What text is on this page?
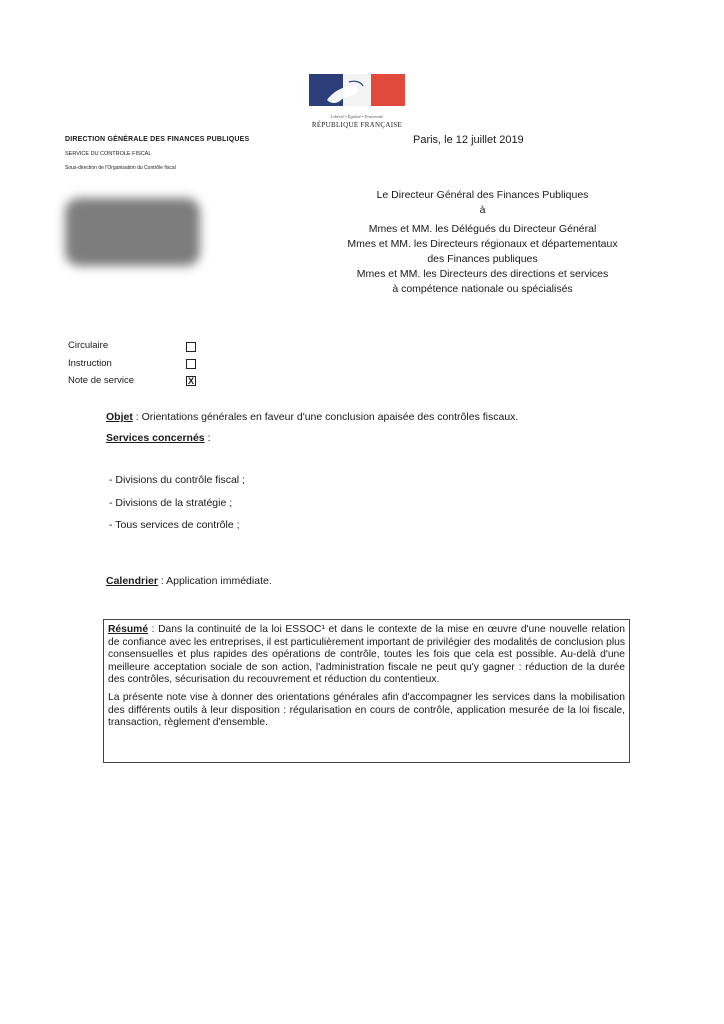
Liberté • Égalité • Fraternité
RÉPUBLIQUE FRANÇAISE
DIRECTION GÉNÉRALE DES FINANCES PUBLIQUES
SERVICE DU CONTROLE FISCAL
Sous-direction de l'Organisation du Contrôle fiscal
Paris, le 12 juillet 2019
Le Directeur Général des Finances Publiques
à
Mmes et MM. les Délégués du Directeur Général
Mmes et MM. les Directeurs régionaux et départementaux
des Finances publiques
Mmes et MM. les Directeurs des directions et services
à compétence nationale ou spécialisés
Circulaire
Instruction
Note de service	X
Objet : Orientations générales en faveur d'une conclusion apaisée des contrôles fiscaux.
Services concernés :
- Divisions du contrôle fiscal ;
- Divisions de la stratégie ;
- Tous services de contrôle ;
Calendrier : Application immédiate.

Résumé : Dans la continuité de la loi ESSOC¹ et dans le contexte de la mise en œuvre d'une nouvelle relation de confiance avec les entreprises, il est particulièrement important de privilégier des modalités de conclusion plus consensuelles et plus rapides des opérations de contrôle, toutes les fois que cela est possible. Au-delà d'une meilleure acceptation sociale de son action, l'administration fiscale ne peut qu'y gagner : réduction de la durée des contrôles, sécurisation du recouvrement et réduction du contentieux.

La présente note vise à donner des orientations générales afin d'accompagner les services dans la mobilisation des différents outils à leur disposition : régularisation en cours de contrôle, application mesurée de la loi fiscale, transaction, règlement d'ensemble.
